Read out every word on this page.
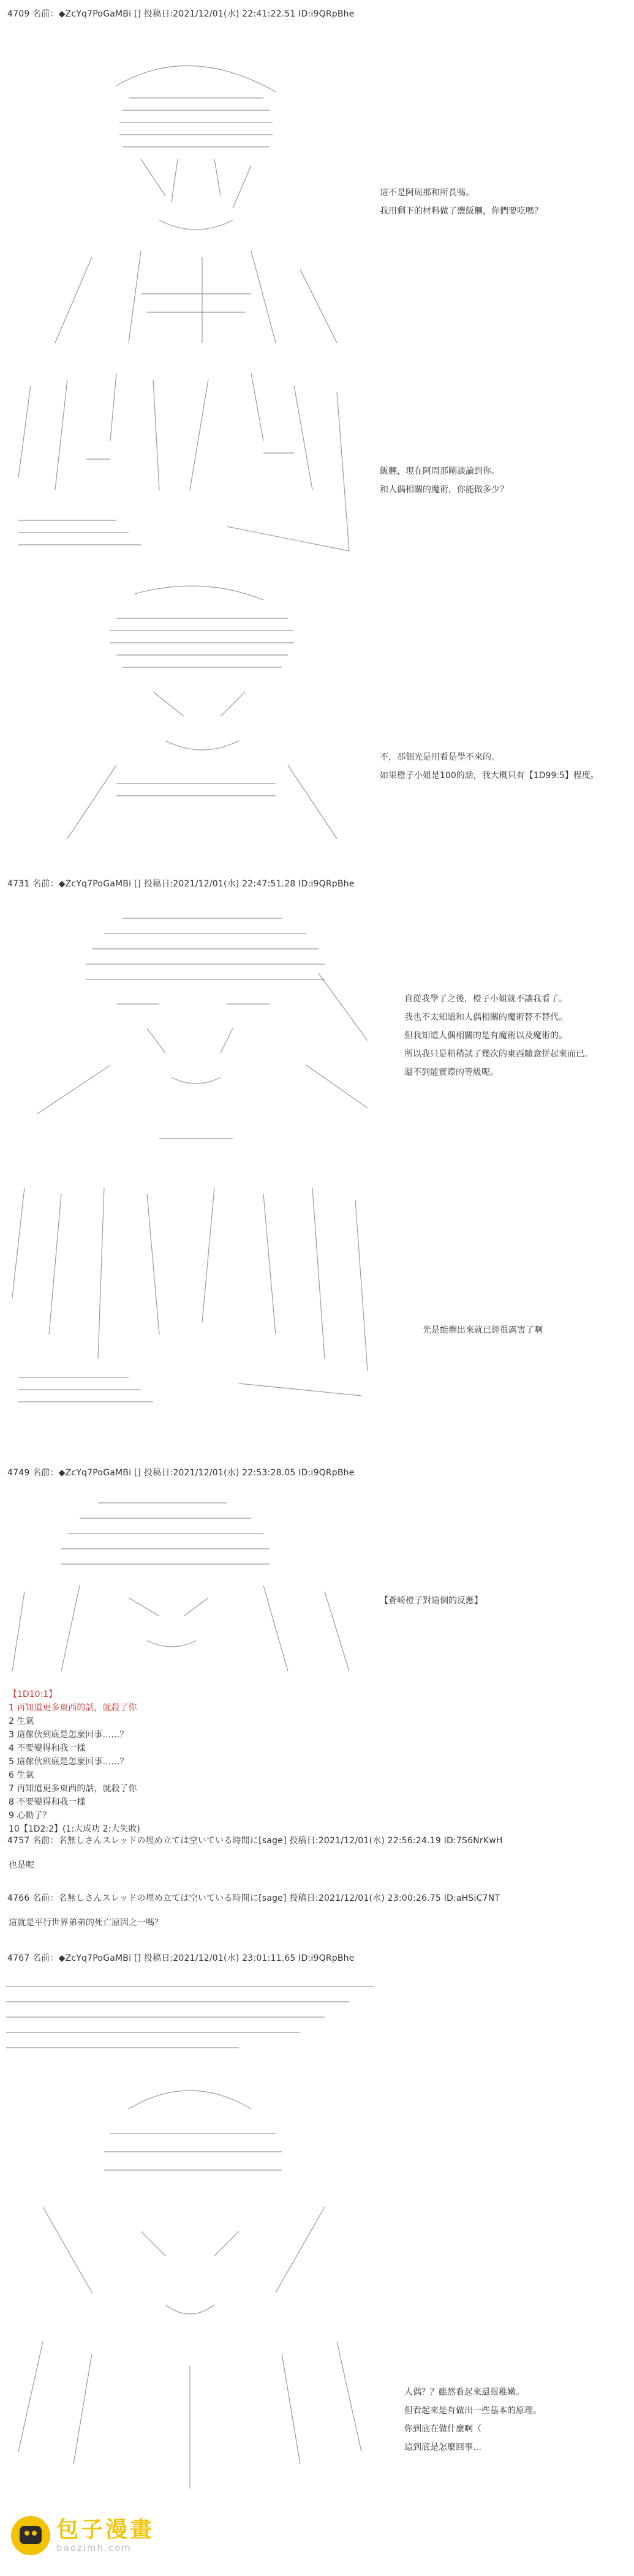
4709 名前：◆ZcYq7PoGaMBi [] 投稿日:2021/12/01(水) 22:41:22.51 ID:i9QRpBhe
這不是阿周那和所長嗎。
我用剩下的材料做了鹽飯糰，你們要吃嗎？
飯糰，現在阿周那剛談論到你。
和人偶相關的魔術，你能做多少？
不，那個光是用看是學不來的。
如果橙子小姐是100的話，我大概只有【1D99:5】程度。
4731 名前：◆ZcYq7PoGaMBi [] 投稿日:2021/12/01(水) 22:47:51.28 ID:i9QRpBhe
自從我學了之後，橙子小姐就不讓我看了。
我也不太知道和人偶相關的魔術替不替代。
但我知道人偶相關的是有魔術以及魔術的。
所以我只是稍稍試了幾次的東西隨意拼起來而已。
還不到能實際的等級呢。
光是能辦出來就已經很厲害了啊
4749 名前：◆ZcYq7PoGaMBi [] 投稿日:2021/12/01(水) 22:53:28.05 ID:i9QRpBhe
【蒼崎橙子對這個的反應】
【1D10:1】
1 再知道更多東西的話，就殺了你
2 生氣
3 這傢伙到底是怎麼回事……？
4 不要變得和我一樣
5 這傢伙到底是怎麼回事……？
6 生氣
7 再知道更多東西的話，就殺了你
8 不要變得和我一樣
9 心動了？
10【1D2:2】(1:大成功 2:大失敗)
4757 名前：名無しさんスレッドの埋め立ては空いている時間に[sage] 投稿日:2021/12/01(水) 22:56:24.19 ID:7S6NrKwH
也是呢
4766 名前：名無しさんスレッドの埋め立ては空いている時間に[sage] 投稿日:2021/12/01(水) 23:00:26.75 ID:aHSiC7NT
這就是平行世界弟弟的死亡原因之一嗎？
4767 名前：◆ZcYq7PoGaMBi [] 投稿日:2021/12/01(水) 23:01:11.65 ID:i9QRpBhe
人偶？？雖然看起來還很稚嫩。
但看起來是有做出一些基本的原理。
你到底在做什麼啊（
這到底是怎麼回事…
包子漫畫
baozimh.com
